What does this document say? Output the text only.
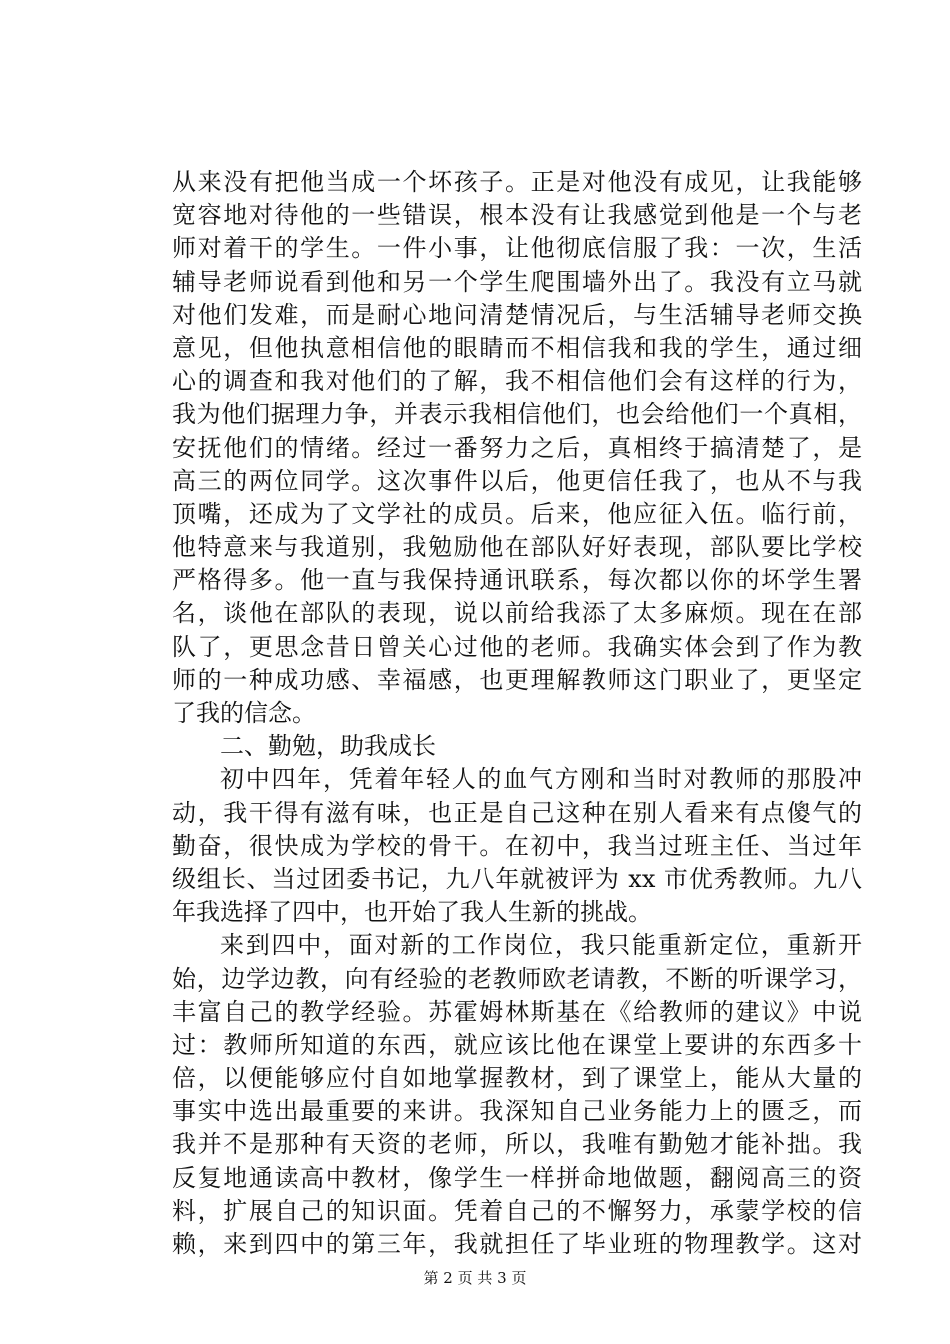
从来没有把他当成一个坏孩子。正是对他没有成见，让我能够
宽容地对待他的一些错误，根本没有让我感觉到他是一个与老
师对着干的学生。一件小事，让他彻底信服了我：一次，生活
辅导老师说看到他和另一个学生爬围墙外出了。我没有立马就
对他们发难，而是耐心地问清楚情况后，与生活辅导老师交换
意见，但他执意相信他的眼睛而不相信我和我的学生，通过细
心的调查和我对他们的了解，我不相信他们会有这样的行为，
我为他们据理力争，并表示我相信他们，也会给他们一个真相，
安抚他们的情绪。经过一番努力之后，真相终于搞清楚了，是
高三的两位同学。这次事件以后，他更信任我了，也从不与我
顶嘴，还成为了文学社的成员。后来，他应征入伍。临行前，
他特意来与我道别，我勉励他在部队好好表现，部队要比学校
严格得多。他一直与我保持通讯联系，每次都以你的坏学生署
名，谈他在部队的表现，说以前给我添了太多麻烦。现在在部
队了，更思念昔日曾关心过他的老师。我确实体会到了作为教
师的一种成功感、幸福感，也更理解教师这门职业了，更坚定
了我的信念。
二、勤勉，助我成长
初中四年，凭着年轻人的血气方刚和当时对教师的那股冲
动，我干得有滋有味，也正是自己这种在别人看来有点傻气的
勤奋，很快成为学校的骨干。在初中，我当过班主任、当过年
级组长、当过团委书记，九八年就被评为 xx 市优秀教师。九八
年我选择了四中，也开始了我人生新的挑战。
来到四中，面对新的工作岗位，我只能重新定位，重新开
始，边学边教，向有经验的老教师欧老请教，不断的听课学习，
丰富自己的教学经验。苏霍姆林斯基在《给教师的建议》中说
过：教师所知道的东西，就应该比他在课堂上要讲的东西多十
倍，以便能够应付自如地掌握教材，到了课堂上，能从大量的
事实中选出最重要的来讲。我深知自己业务能力上的匮乏，而
我并不是那种有天资的老师，所以，我唯有勤勉才能补拙。我
反复地通读高中教材，像学生一样拼命地做题，翻阅高三的资
料，扩展自己的知识面。凭着自己的不懈努力，承蒙学校的信
赖，来到四中的第三年，我就担任了毕业班的物理教学。这对
第 2 页 共 3 页
